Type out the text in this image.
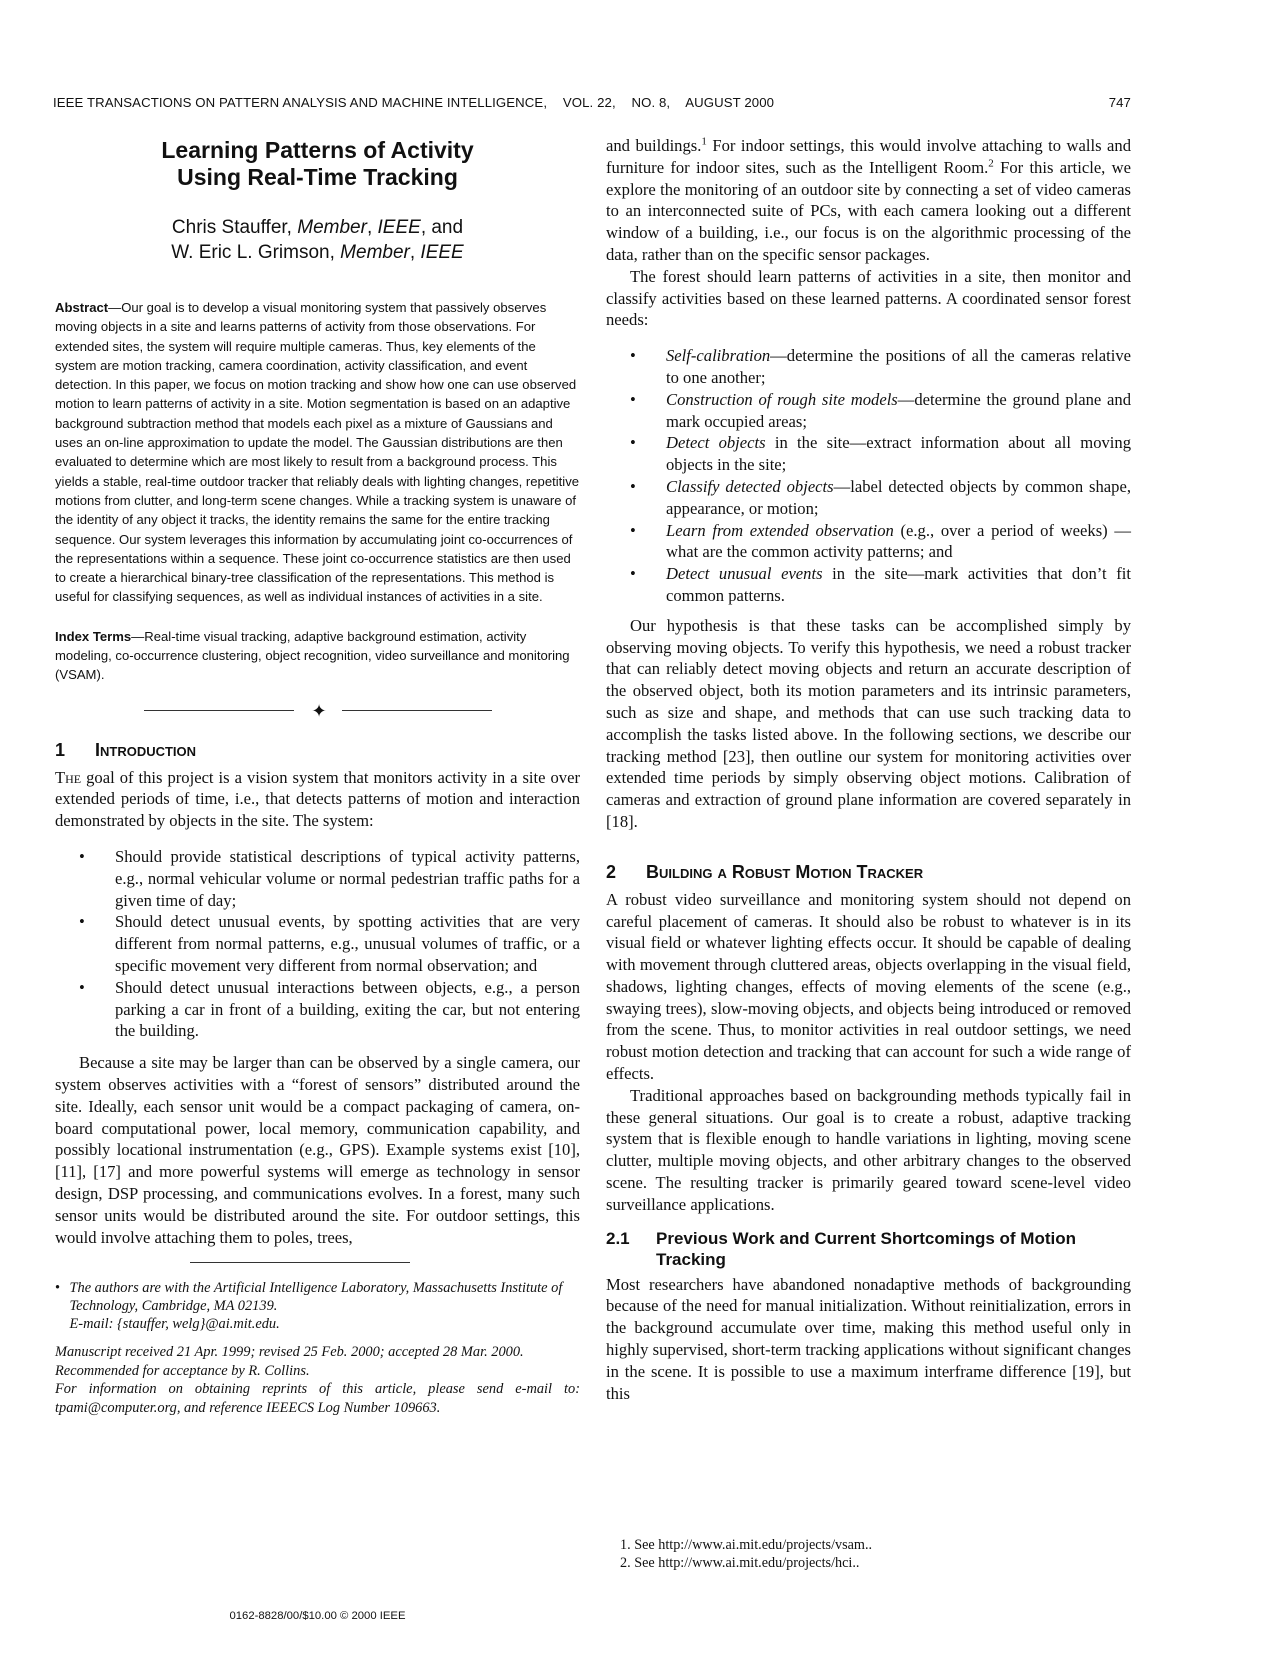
IEEE TRANSACTIONS ON PATTERN ANALYSIS AND MACHINE INTELLIGENCE, VOL. 22, NO. 8, AUGUST 2000	747
Learning Patterns of Activity
Using Real-Time Tracking
Chris Stauffer, Member, IEEE, and
W. Eric L. Grimson, Member, IEEE
Abstract—Our goal is to develop a visual monitoring system that passively observes moving objects in a site and learns patterns of activity from those observations. For extended sites, the system will require multiple cameras. Thus, key elements of the system are motion tracking, camera coordination, activity classification, and event detection. In this paper, we focus on motion tracking and show how one can use observed motion to learn patterns of activity in a site. Motion segmentation is based on an adaptive background subtraction method that models each pixel as a mixture of Gaussians and uses an on-line approximation to update the model. The Gaussian distributions are then evaluated to determine which are most likely to result from a background process. This yields a stable, real-time outdoor tracker that reliably deals with lighting changes, repetitive motions from clutter, and long-term scene changes. While a tracking system is unaware of the identity of any object it tracks, the identity remains the same for the entire tracking sequence. Our system leverages this information by accumulating joint co-occurrences of the representations within a sequence. These joint co-occurrence statistics are then used to create a hierarchical binary-tree classification of the representations. This method is useful for classifying sequences, as well as individual instances of activities in a site.
Index Terms—Real-time visual tracking, adaptive background estimation, activity modeling, co-occurrence clustering, object recognition, video surveillance and monitoring (VSAM).
✦
1	Introduction

The goal of this project is a vision system that monitors activity in a site over extended periods of time, i.e., that detects patterns of motion and interaction demonstrated by objects in the site. The system:

• Should provide statistical descriptions of typical activity patterns, e.g., normal vehicular volume or normal pedestrian traffic paths for a given time of day;
• Should detect unusual events, by spotting activities that are very different from normal patterns, e.g., unusual volumes of traffic, or a specific movement very different from normal observation; and
• Should detect unusual interactions between objects, e.g., a person parking a car in front of a building, exiting the car, but not entering the building.

Because a site may be larger than can be observed by a single camera, our system observes activities with a “forest of sensors” distributed around the site. Ideally, each sensor unit would be a compact packaging of camera, on-board computational power, local memory, communication capability, and possibly locational instrumentation (e.g., GPS). Example systems exist [10], [11], [17] and more powerful systems will emerge as technology in sensor design, DSP processing, and communications evolves. In a forest, many such sensor units would be distributed around the site. For outdoor settings, this would involve attaching them to poles, trees,

• The authors are with the Artificial Intelligence Laboratory, Massachusetts Institute of Technology, Cambridge, MA 02139.

E-mail: {stauffer, welg}@ai.mit.edu.

Manuscript received 21 Apr. 1999; revised 25 Feb. 2000; accepted 28 Mar. 2000.

Recommended for acceptance by R. Collins.

For information on obtaining reprints of this article, please send e-mail to: tpami@computer.org, and reference IEEECS Log Number 109663.

0162-8828/00/$10.00 © 2000 IEEE

and buildings.$^1$ For indoor settings, this would involve attaching to walls and furniture for indoor sites, such as the Intelligent Room.$^2$ For this article, we explore the monitoring of an outdoor site by connecting a set of video cameras to an interconnected suite of PCs, with each camera looking out a different window of a building, i.e., our focus is on the algorithmic processing of the data, rather than on the specific sensor packages.

The forest should learn patterns of activities in a site, then monitor and classify activities based on these learned patterns. A coordinated sensor forest needs:

• Self-calibration—determine the positions of all the cameras relative to one another;
• Construction of rough site models—determine the ground plane and mark occupied areas;
• Detect objects in the site—extract information about all moving objects in the site;
• Classify detected objects—label detected objects by common shape, appearance, or motion;
• Learn from extended observation (e.g., over a period of weeks) —what are the common activity patterns; and
• Detect unusual events in the site—mark activities that don’t fit common patterns.

Our hypothesis is that these tasks can be accomplished simply by observing moving objects. To verify this hypothesis, we need a robust tracker that can reliably detect moving objects and return an accurate description of the observed object, both its motion parameters and its intrinsic parameters, such as size and shape, and methods that can use such tracking data to accomplish the tasks listed above. In the following sections, we describe our tracking method [23], then outline our system for monitoring activities over extended time periods by simply observing object motions. Calibration of cameras and extraction of ground plane information are covered separately in [18].

2	Building a Robust Motion Tracker

A robust video surveillance and monitoring system should not depend on careful placement of cameras. It should also be robust to whatever is in its visual field or whatever lighting effects occur. It should be capable of dealing with movement through cluttered areas, objects overlapping in the visual field, shadows, lighting changes, effects of moving elements of the scene (e.g., swaying trees), slow-moving objects, and objects being introduced or removed from the scene. Thus, to monitor activities in real outdoor settings, we need robust motion detection and tracking that can account for such a wide range of effects.

Traditional approaches based on backgrounding methods typically fail in these general situations. Our goal is to create a robust, adaptive tracking system that is flexible enough to handle variations in lighting, moving scene clutter, multiple moving objects, and other arbitrary changes to the observed scene. The resulting tracker is primarily geared toward scene-level video surveillance applications.

2.1	Previous Work and Current Shortcomings of Motion Tracking

Most researchers have abandoned nonadaptive methods of backgrounding because of the need for manual initialization. Without reinitialization, errors in the background accumulate over time, making this method useful only in highly supervised, short-term tracking applications without significant changes in the scene. It is possible to use a maximum interframe difference [19], but this

1. See http://www.ai.mit.edu/projects/vsam..

2. See http://www.ai.mit.edu/projects/hci..
